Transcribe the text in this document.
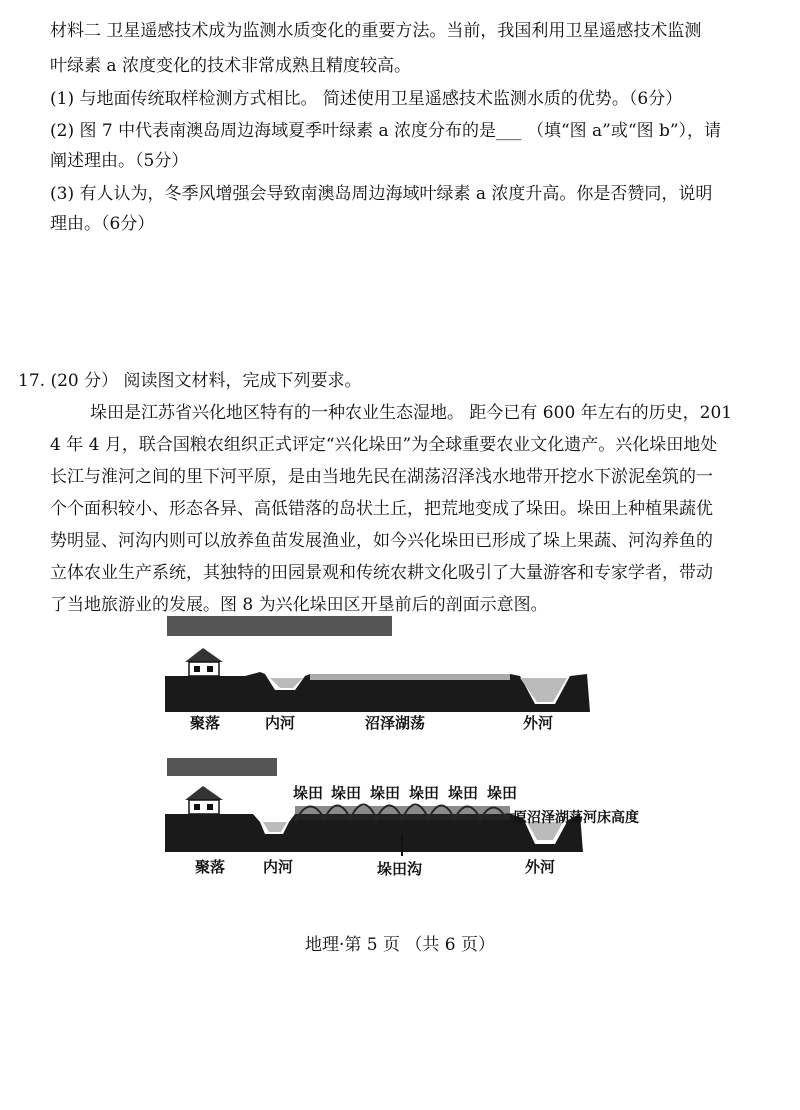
材料二 卫星遥感技术成为监测水质变化的重要方法。当前，我国利用卫星遥感技术监测
叶绿素 a 浓度变化的技术非常成熟且精度较高。
(1) 与地面传统取样检测方式相比。 简述使用卫星遥感技术监测水质的优势。（6分）
(2) 图 7 中代表南澳岛周边海域夏季叶绿素 a 浓度分布的是___ （填“图 a”或“图 b”），请
阐述理由。（5分）
(3) 有人认为，冬季风增强会导致南澳岛周边海域叶绿素 a 浓度升高。你是否赞同，说明
理由。（6分）
17. (20 分） 阅读图文材料，完成下列要求。
垛田是江苏省兴化地区特有的一种农业生态湿地。 距今已有 600 年左右的历史，201
4 年 4 月，联合国粮农组织正式评定“兴化垛田”为全球重要农业文化遗产。兴化垛田地处
长江与淮河之间的里下河平原，是由当地先民在湖荡沼泽浅水地带开挖水下淤泥垒筑的一
个个面积较小、形态各异、高低错落的岛状土丘，把荒地变成了垛田。垛田上种植果蔬优
势明显、河沟内则可以放养鱼苗发展渔业，如今兴化垛田已形成了垛上果蔬、河沟养鱼的
立体农业生产系统，其独特的田园景观和传统农耕文化吸引了大量游客和专家学者，带动
了当地旅游业的发展。图 8 为兴化垛田区开垦前后的剖面示意图。
聚落	内河	沼泽湖荡	外河
垛田 垛田 垛田 垛田 垛田 垛田
原沼泽湖荡河床高度
聚落	内河	垛田沟	外河
地理·第 5 页 （共 6 页）
